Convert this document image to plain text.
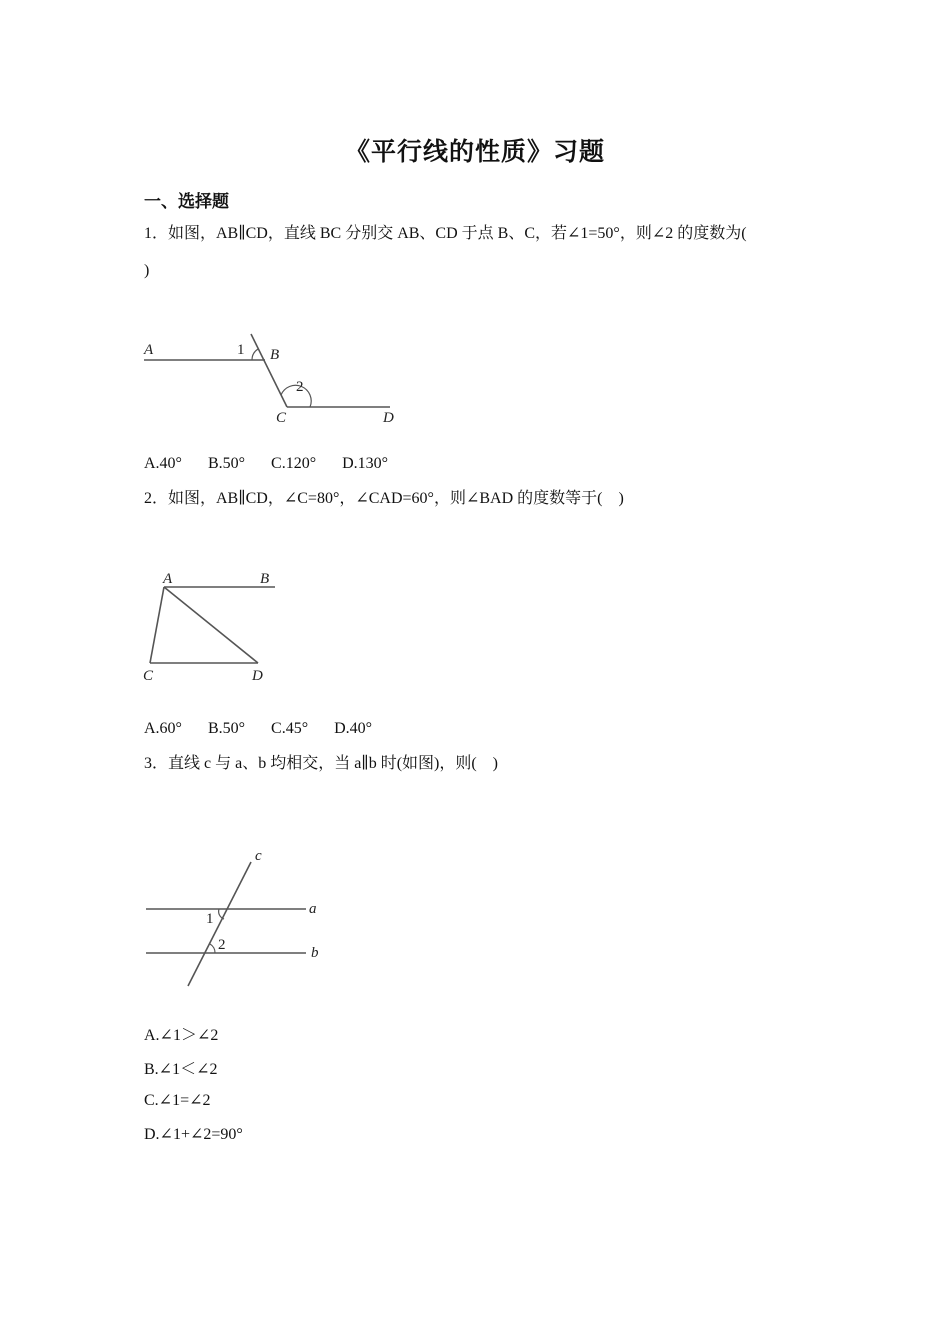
《平行线的性质》习题
一、选择题
1．如图，AB∥CD，直线 BC 分别交 AB、CD 于点 B、C，若∠1=50°，则∠2 的度数为(
)
A	1 B
2
C	D
A.40° B.50° C.120° D.130°
2．如图，AB∥CD，∠C=80°，∠CAD=60°，则∠BAD 的度数等于(　)
A	B
C	D
A.60° B.50° C.45° D.40°
3．直线 c 与 a、b 均相交，当 a∥b 时(如图)，则(　)
c
a
b
1
2
A.∠1＞∠2
B.∠1＜∠2
C.∠1=∠2
D.∠1+∠2=90°
